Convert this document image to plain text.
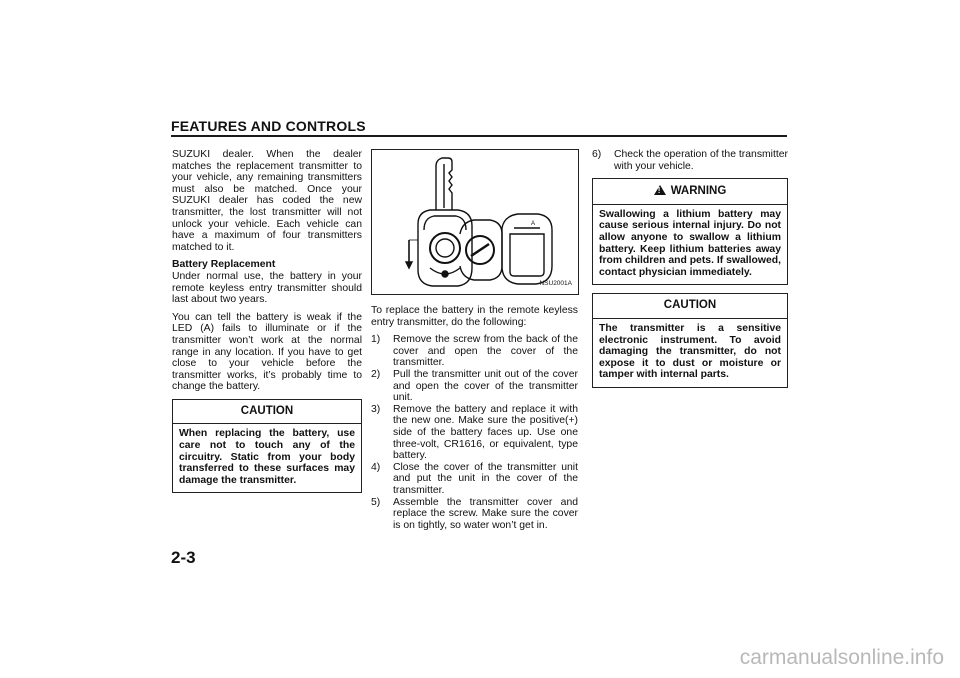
FEATURES AND CONTROLS

SUZUKI dealer. When the dealer matches the replacement transmitter to your vehicle, any remaining transmitters must also be matched. Once your SUZUKI dealer has coded the new transmitter, the lost transmitter will not unlock your vehicle. Each vehicle can have a maximum of four transmitters matched to it.

Battery Replacement
Under normal use, the battery in your remote keyless entry transmitter should last about two years.

You can tell the battery is weak if the LED (A) fails to illuminate or if the transmitter won’t work at the normal range in any location. If you have to get close to your vehicle before the transmitter works, it’s probably time to change the battery.

CAUTION
When replacing the battery, use care not to touch any of the circuitry. Static from your body transferred to these surfaces may damage the transmitter.
A
NSU2001A

To replace the battery in the remote keyless entry transmitter, do the following:

1) Remove the screw from the back of the cover and open the cover of the transmitter.
2) Pull the transmitter unit out of the cover and open the cover of the transmitter unit.
3) Remove the battery and replace it with the new one. Make sure the positive(+) side of the battery faces up. Use one three-volt, CR1616, or equivalent, type battery.
4) Close the cover of the transmitter unit and put the unit in the cover of the transmitter.
5) Assemble the transmitter cover and replace the screw. Make sure the cover is on tightly, so water won’t get in.
6) Check the operation of the transmitter with your vehicle.
!WARNING
Swallowing a lithium battery may cause serious internal injury. Do not allow anyone to swallow a lithium battery. Keep lithium batteries away from children and pets. If swallowed, contact physician immediately.
CAUTION
The transmitter is a sensitive electronic instrument. To avoid damaging the transmitter, do not expose it to dust or moisture or tamper with internal parts.
2-3
carmanualsonline.info
